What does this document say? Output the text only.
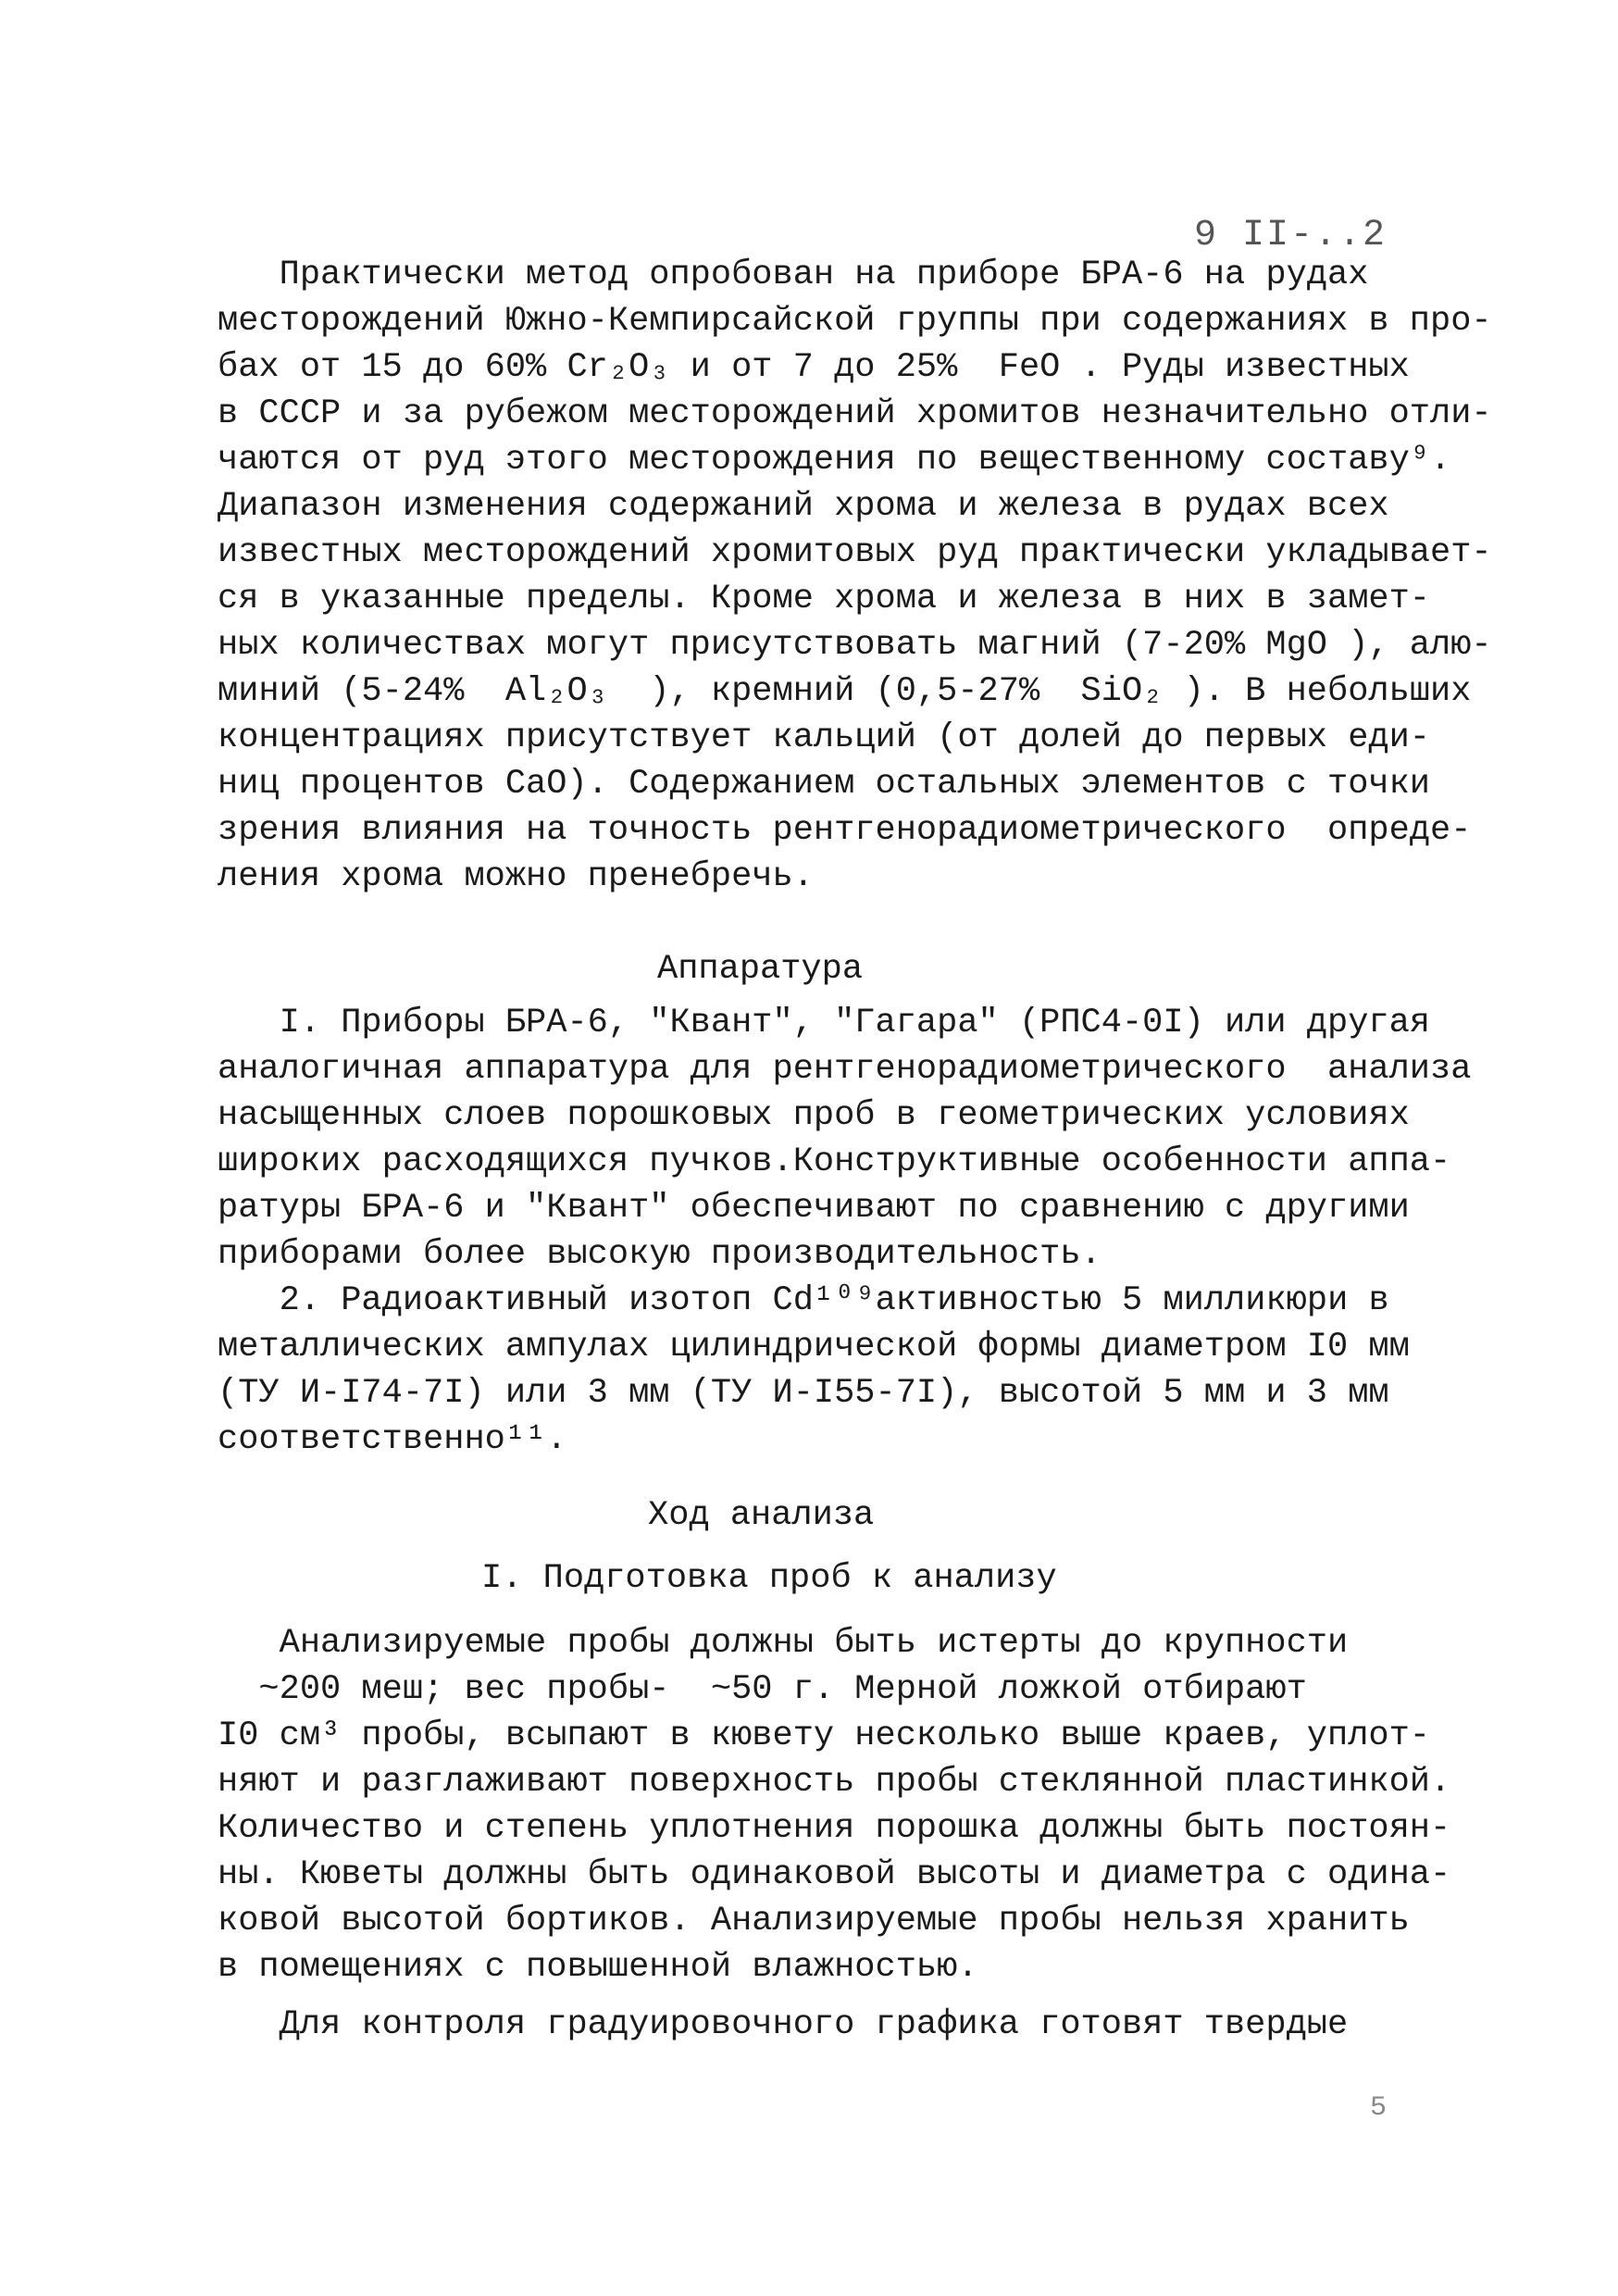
9 II-..2
Практически метод опробован на приборе БРА-6 на рудах
месторождений Южно-Кемпирсайской группы при содержаниях в про-
бах от 15 до 60% Cr₂O₃ и от 7 до 25%  FeO . Руды известных
в СССР и за рубежом месторождений хромитов незначительно отли-
чаются от руд этого месторождения по вещественному составу⁹.
Диапазон изменения содержаний хрома и железа в рудах всех
известных месторождений хромитовых руд практически укладывает-
ся в указанные пределы. Кроме хрома и железа в них в замет-
ных количествах могут присутствовать магний (7-20% MgO ), алю-
миний (5-24%  Al₂O₃  ), кремний (0,5-27%  SiO₂ ). В небольших
концентрациях присутствует кальций (от долей до первых еди-
ниц процентов CaO). Содержанием остальных элементов с точки
зрения влияния на точность рентгенорадиометрического  опреде-
ления хрома можно пренебречь.
Аппаратура
I. Приборы БРА-6, "Квант", "Гагара" (РПС4-0I) или другая
аналогичная аппаратура для рентгенорадиометрического  анализа
насыщенных слоев порошковых проб в геометрических условиях
широких расходящихся пучков.Конструктивные особенности аппа-
ратуры БРА-6 и "Квант" обеспечивают по сравнению с другими
приборами более высокую производительность.
2. Радиоактивный изотоп Cd¹⁰⁹активностью 5 милликюри в
металлических ампулах цилиндрической формы диаметром I0 мм
(ТУ И-I74-7I) или 3 мм (ТУ И-I55-7I), высотой 5 мм и 3 мм
соответственно¹¹.
Ход анализа
I. Подготовка проб к анализу
Анализируемые пробы должны быть истерты до крупности
~200 меш; вес пробы-  ~50 г. Мерной ложкой отбирают
I0 см³ пробы, всыпают в кювету несколько выше краев, уплот-
няют и разглаживают поверхность пробы стеклянной пластинкой.
Количество и степень уплотнения порошка должны быть постоян-
ны. Кюветы должны быть одинаковой высоты и диаметра с одина-
ковой высотой бортиков. Анализируемые пробы нельзя хранить
в помещениях с повышенной влажностью.
Для контроля градуировочного графика готовят твердые
5
